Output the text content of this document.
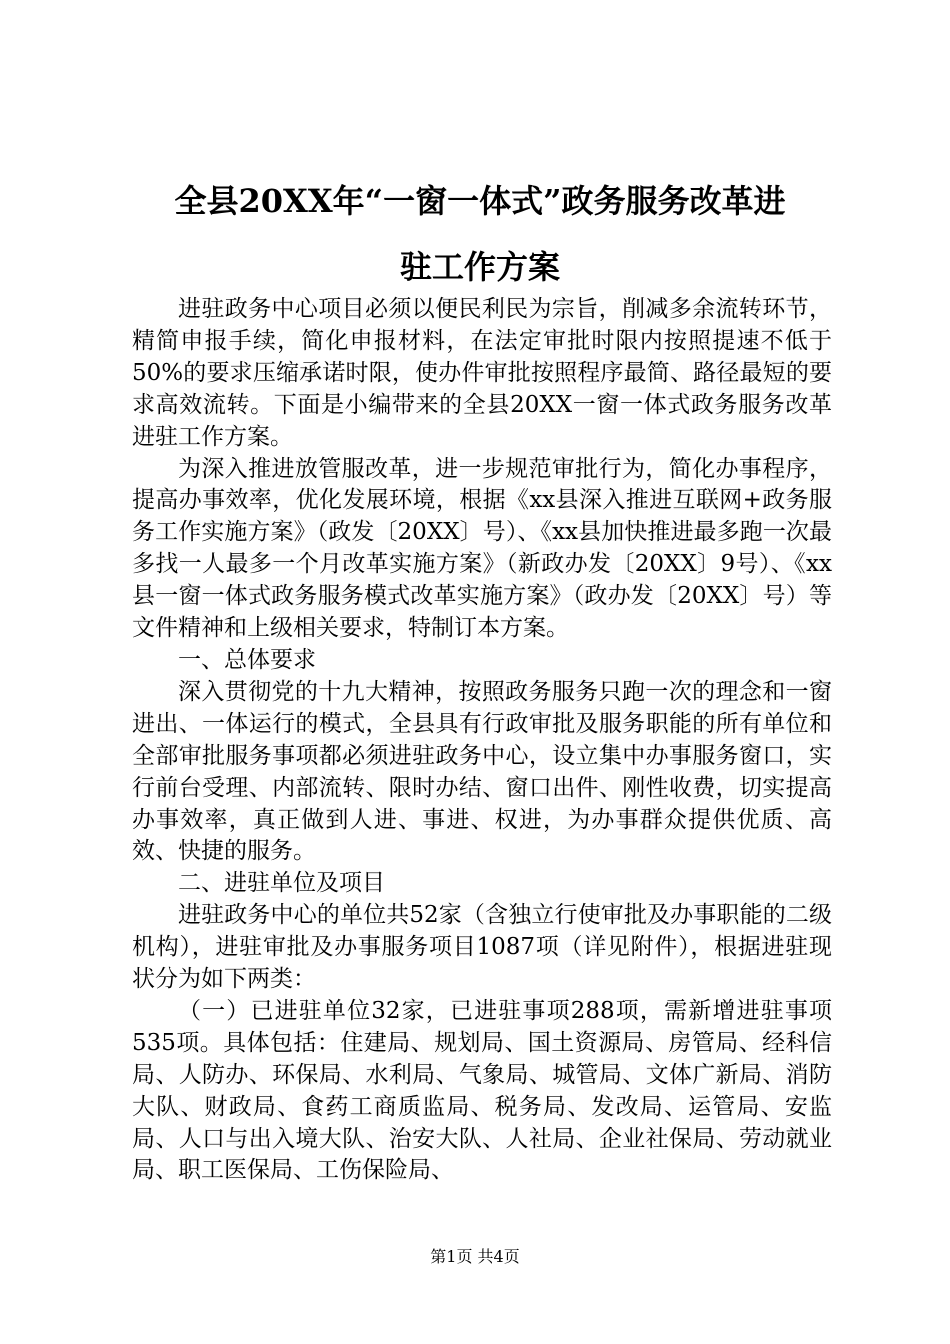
全县20XX年“一窗一体式”政务服务改革进
驻工作方案

进驻政务中心项目必须以便民利民为宗旨，削减多余流转环节，精简申报手续，简化申报材料，在法定审批时限内按照提速不低于50%的要求压缩承诺时限，使办件审批按照程序最简、路径最短的要求高效流转。下面是小编带来的全县20XX一窗一体式政务服务改革进驻工作方案。

为深入推进放管服改革，进一步规范审批行为，简化办事程序，提高办事效率，优化发展环境，根据《xx县深入推进互联网+政务服务工作实施方案》（政发〔20XX〕号）、《xx县加快推进最多跑一次最多找一人最多一个月改革实施方案》（新政办发〔20XX〕9号）、《xx县一窗一体式政务服务模式改革实施方案》（政办发〔20XX〕号）等文件精神和上级相关要求，特制订本方案。

一、总体要求

深入贯彻党的十九大精神，按照政务服务只跑一次的理念和一窗进出、一体运行的模式，全县具有行政审批及服务职能的所有单位和全部审批服务事项都必须进驻政务中心，设立集中办事服务窗口，实行前台受理、内部流转、限时办结、窗口出件、刚性收费，切实提高办事效率，真正做到人进、事进、权进，为办事群众提供优质、高效、快捷的服务。

二、进驻单位及项目

进驻政务中心的单位共52家（含独立行使审批及办事职能的二级机构），进驻审批及办事服务项目1087项（详见附件），根据进驻现状分为如下两类：

（一）已进驻单位32家，已进驻事项288项，需新增进驻事项535项。具体包括：住建局、规划局、国土资源局、房管局、经科信局、人防办、环保局、水利局、气象局、城管局、文体广新局、消防大队、财政局、食药工商质监局、税务局、发改局、运管局、安监局、人口与出入境大队、治安大队、人社局、企业社保局、劳动就业局、职工医保局、工伤保险局、

第1页 共4页
